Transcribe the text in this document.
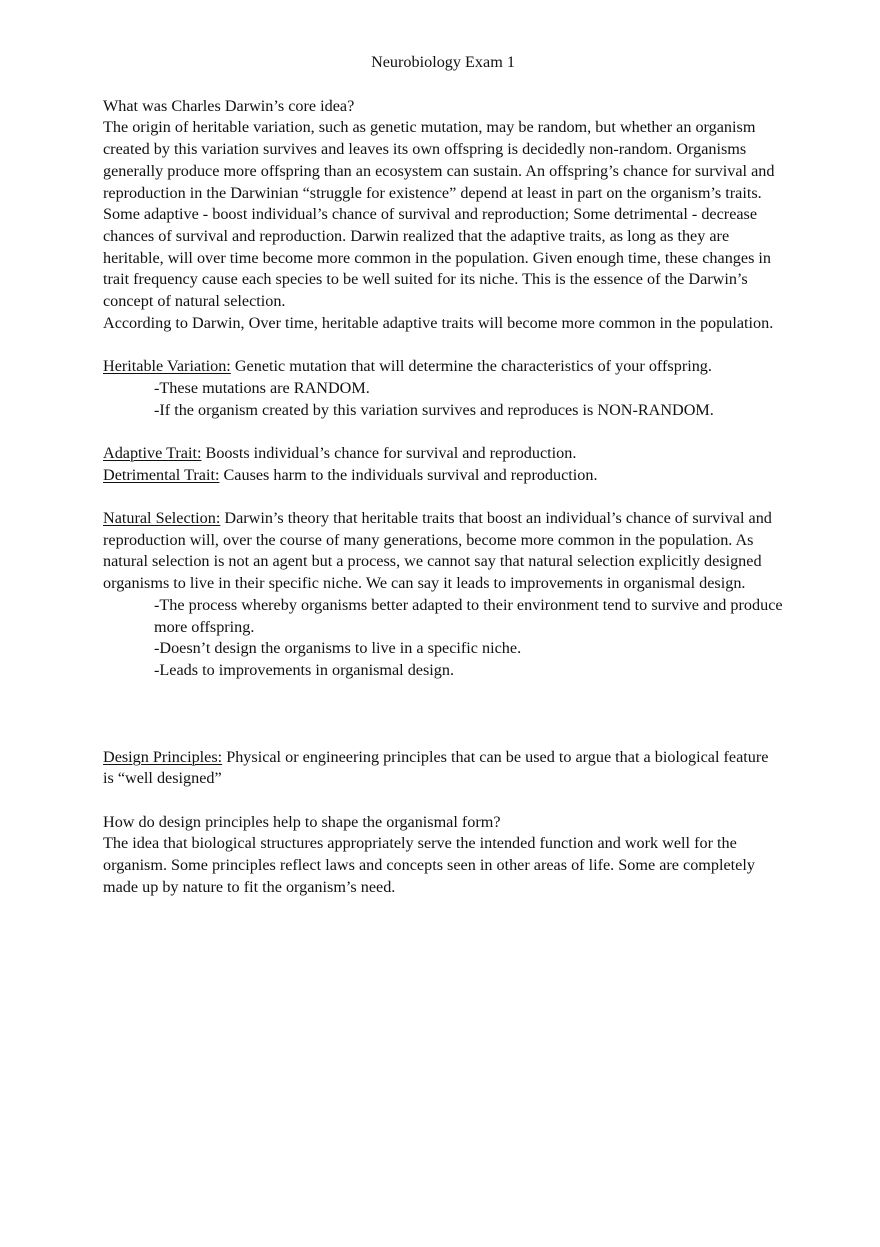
Neurobiology Exam 1

What was Charles Darwin’s core idea?

The origin of heritable variation, such as genetic mutation, may be random, but whether an organism created by this variation survives and leaves its own offspring is decidedly non-random. Organisms generally produce more offspring than an ecosystem can sustain. An offspring’s chance for survival and reproduction in the Darwinian “struggle for existence” depend at least in part on the organism’s traits. Some adaptive - boost individual’s chance of survival and reproduction; Some detrimental - decrease chances of survival and reproduction. Darwin realized that the adaptive traits, as long as they are heritable, will over time become more common in the population. Given enough time, these changes in trait frequency cause each species to be well suited for its niche. This is the essence of the Darwin’s concept of natural selection.

According to Darwin, Over time, heritable adaptive traits will become more common in the population.

Heritable Variation: Genetic mutation that will determine the characteristics of your offspring.

-These mutations are RANDOM.

-If the organism created by this variation survives and reproduces is NON-RANDOM.

Adaptive Trait: Boosts individual’s chance for survival and reproduction.

Detrimental Trait: Causes harm to the individuals survival and reproduction.

Natural Selection: Darwin’s theory that heritable traits that boost an individual’s chance of survival and reproduction will, over the course of many generations, become more common in the population. As natural selection is not an agent but a process, we cannot say that natural selection explicitly designed organisms to live in their specific niche. We can say it leads to improvements in organismal design.

-The process whereby organisms better adapted to their environment tend to survive and produce more offspring.

-Doesn’t design the organisms to live in a specific niche.

-Leads to improvements in organismal design.

Design Principles: Physical or engineering principles that can be used to argue that a biological feature is “well designed”

How do design principles help to shape the organismal form?

The idea that biological structures appropriately serve the intended function and work well for the organism. Some principles reflect laws and concepts seen in other areas of life. Some are completely made up by nature to fit the organism’s need.
